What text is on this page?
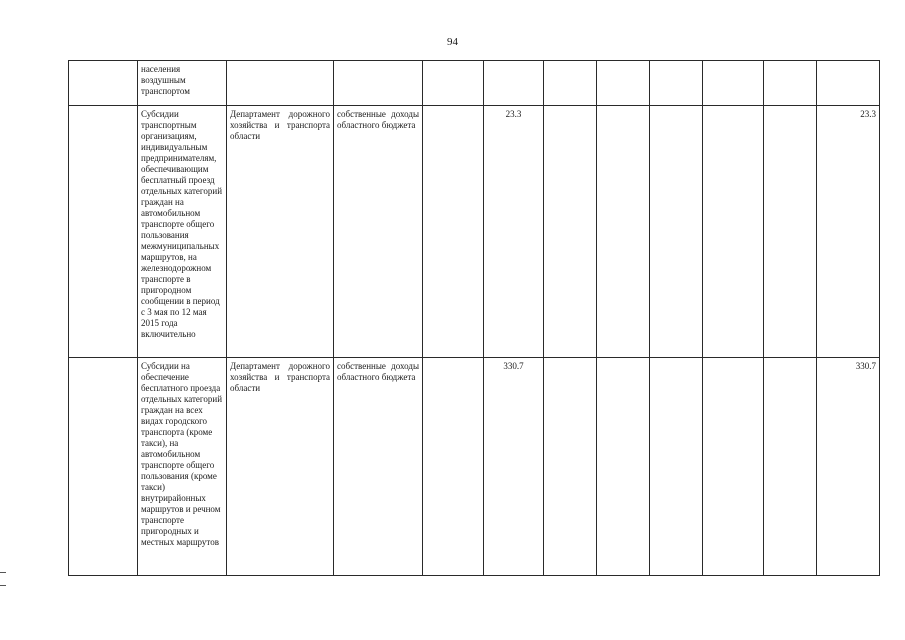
94
	населения воздушным транспортом										
	Субсидии транспортным организациям, индивидуальным предпринимателям, обеспечивающим бесплатный проезд отдельных категорий граждан на автомобильном транспорте общего пользования межмуниципальных маршрутов, на железнодорожном транспорте в пригородном сообщении в период с 3 мая по 12 мая 2015 года включительно	Департамент дорожного хозяйства и транспорта области	собственные доходы областного бюджета		23.3						23.3
	Субсидии на обеспечение бесплатного проезда отдельных категорий граждан на всех видах городского транспорта (кроме такси), на автомобильном транспорте общего пользования (кроме такси) внутрирайонных маршрутов и речном транспорте пригородных и местных маршрутов	Департамент дорожного хозяйства и транспорта области	собственные доходы областного бюджета		330.7						330.7
